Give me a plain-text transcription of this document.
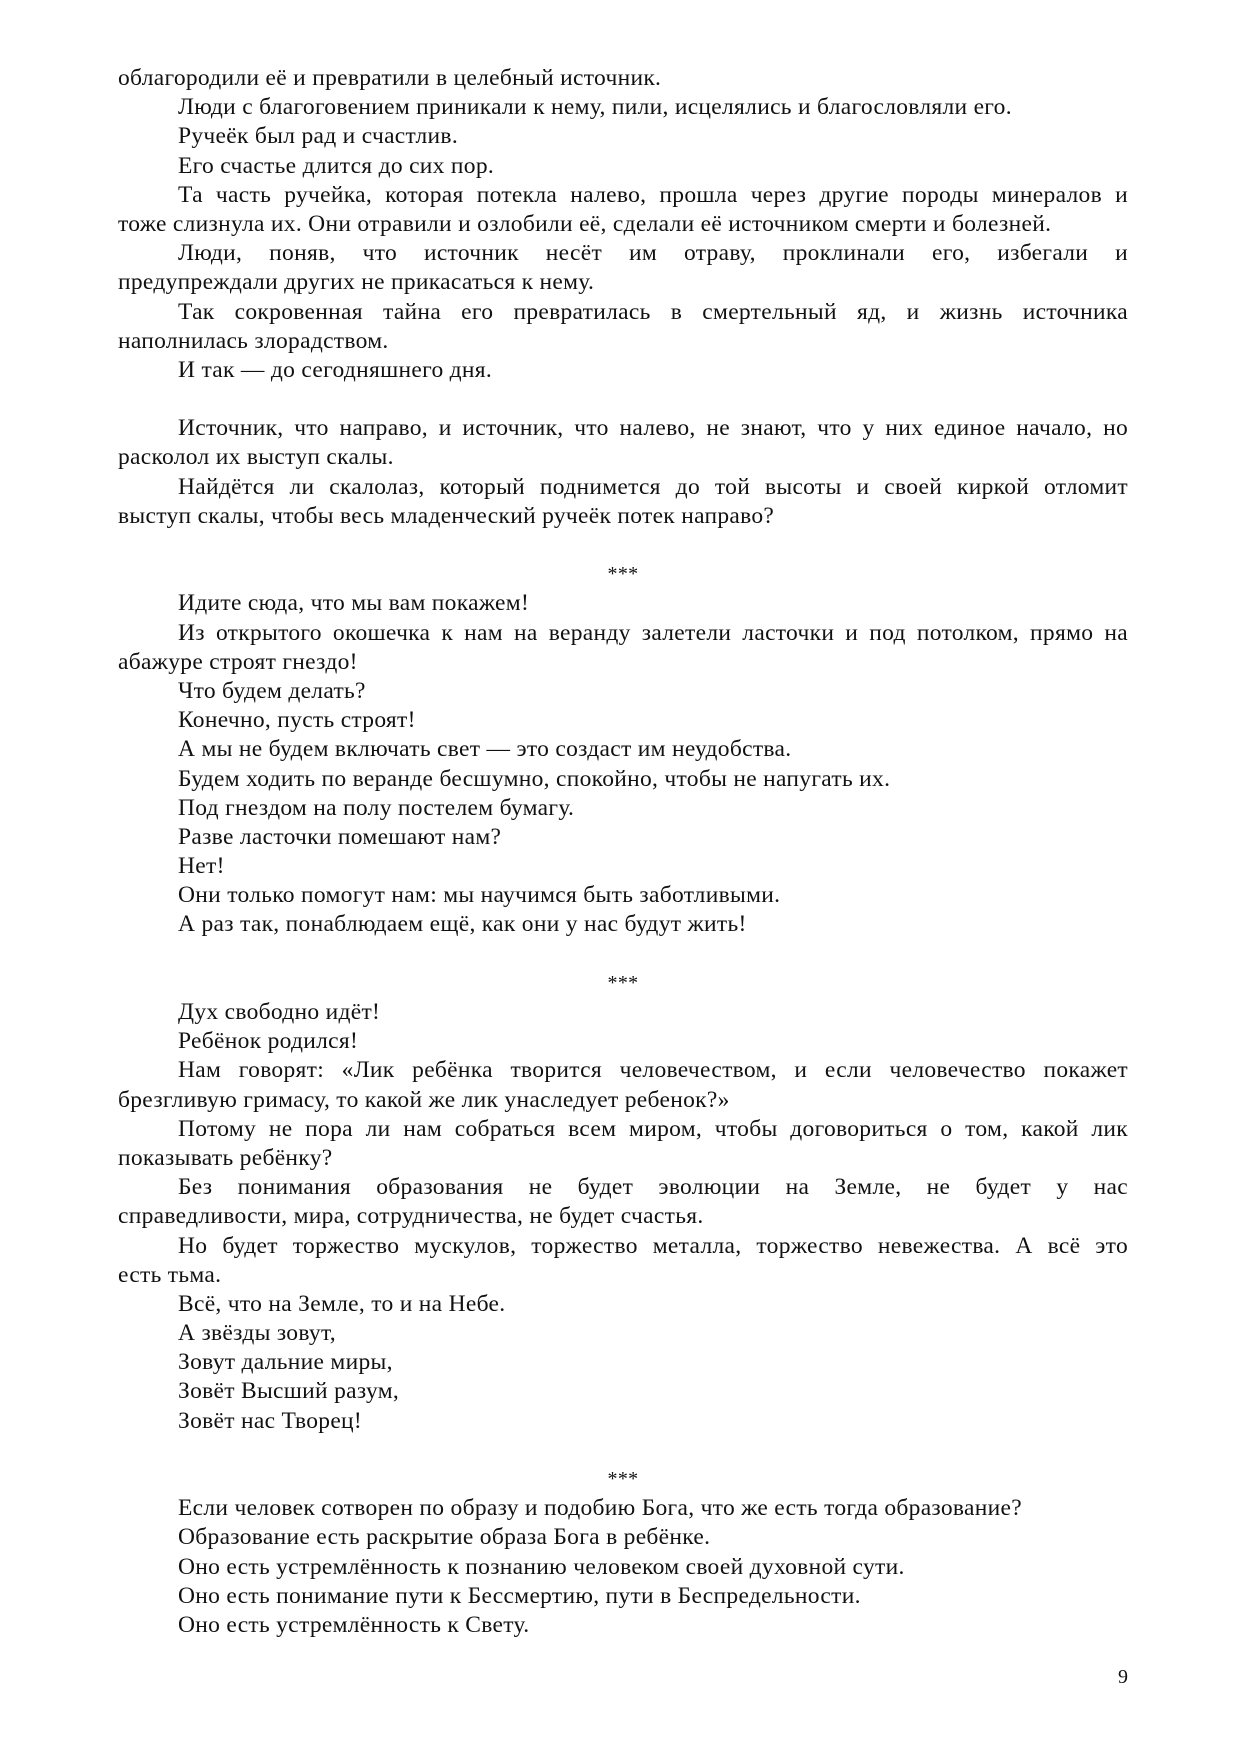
облагородили её и превратили в целебный источник.
Люди с благоговением приникали к нему, пили, исцелялись и благословляли его.
Ручеёк был рад и счастлив.
Его счастье длится до сих пор.
Та часть ручейка, которая потекла налево, прошла через другие породы минералов и
тоже слизнула их. Они отравили и озлобили её, сделали её источником смерти и болезней.
Люди, поняв, что источник несёт им отраву, проклинали его, избегали и
предупреждали других не прикасаться к нему.
Так сокровенная тайна его превратилась в смертельный яд, и жизнь источника
наполнилась злорадством.
И так — до сегодняшнего дня.
Источник, что направо, и источник, что налево, не знают, что у них единое начало, но
расколол их выступ скалы.
Найдётся ли скалолаз, который поднимется до той высоты и своей киркой отломит
выступ скалы, чтобы весь младенческий ручеёк потек направо?
***
Идите сюда, что мы вам покажем!
Из открытого окошечка к нам на веранду залетели ласточки и под потолком, прямо на
абажуре строят гнездо!
Что будем делать?
Конечно, пусть строят!
А мы не будем включать свет — это создаст им неудобства.
Будем ходить по веранде бесшумно, спокойно, чтобы не напугать их.
Под гнездом на полу постелем бумагу.
Разве ласточки помешают нам?
Нет!
Они только помогут нам: мы научимся быть заботливыми.
А раз так, понаблюдаем ещё, как они у нас будут жить!
***
Дух свободно идёт!
Ребёнок родился!
Нам говорят: «Лик ребёнка творится человечеством, и если человечество покажет
брезгливую гримасу, то какой же лик унаследует ребенок?»
Потому не пора ли нам собраться всем миром, чтобы договориться о том, какой лик
показывать ребёнку?
Без понимания образования не будет эволюции на Земле, не будет у нас
справедливости, мира, сотрудничества, не будет счастья.
Но будет торжество мускулов, торжество металла, торжество невежества. А всё это
есть тьма.
Всё, что на Земле, то и на Небе.
А звёзды зовут,
Зовут дальние миры,
Зовёт Высший разум,
Зовёт нас Творец!
***
Если человек сотворен по образу и подобию Бога, что же есть тогда образование?
Образование есть раскрытие образа Бога в ребёнке.
Оно есть устремлённость к познанию человеком своей духовной сути.
Оно есть понимание пути к Бессмертию, пути в Беспредельности.
Оно есть устремлённость к Свету.
9
